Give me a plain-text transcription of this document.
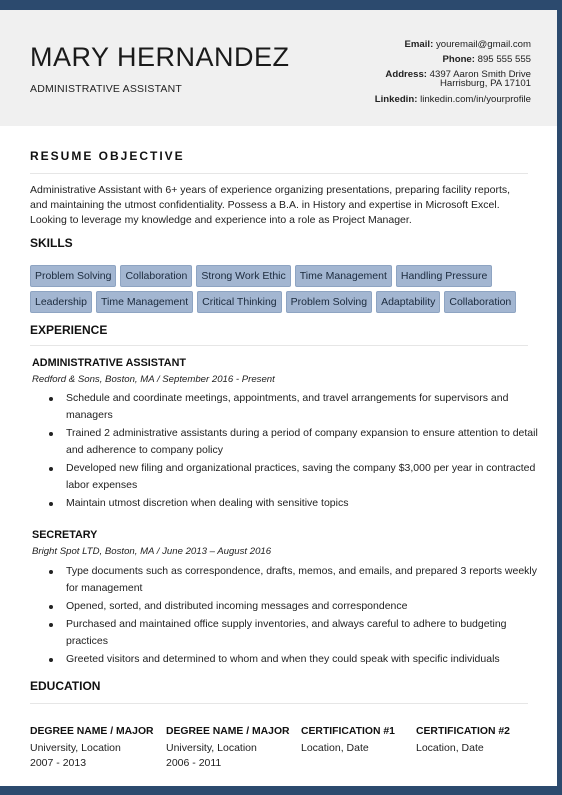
MARY HERNANDEZ
ADMINISTRATIVE ASSISTANT
Email: youremail@gmail.com
Phone: 895 555 555
Address: 4397 Aaron Smith Drive
Harrisburg, PA 17101
Linkedin: linkedin.com/in/yourprofile
RESUME OBJECTIVE
Administrative Assistant with 6+ years of experience organizing presentations, preparing facility reports, and maintaining the utmost confidentiality. Possess a B.A. in History and expertise in Microsoft Excel. Looking to leverage my knowledge and experience into a role as Project Manager.
SKILLS
Problem Solving	Collaboration	Strong Work Ethic	Time Management	Handling Pressure
Leadership	Time Management	Critical Thinking	Problem Solving	Adaptability	Collaboration
EXPERIENCE
ADMINISTRATIVE ASSISTANT
Redford & Sons, Boston, MA / September 2016 - Present
Schedule and coordinate meetings, appointments, and travel arrangements for supervisors and managers
Trained 2 administrative assistants during a period of company expansion to ensure attention to detail and adherence to company policy
Developed new filing and organizational practices, saving the company $3,000 per year in contracted labor expenses
Maintain utmost discretion when dealing with sensitive topics
SECRETARY
Bright Spot LTD, Boston, MA / June 2013 – August 2016
Type documents such as correspondence, drafts, memos, and emails, and prepared 3 reports weekly for management
Opened, sorted, and distributed incoming messages and correspondence
Purchased and maintained office supply inventories, and always careful to adhere to budgeting practices
Greeted visitors and determined to whom and when they could speak with specific individuals
EDUCATION
DEGREE NAME / MAJOR
University, Location
2007 - 2013
DEGREE NAME / MAJOR
University, Location
2006 - 2011
CERTIFICATION #1
Location, Date
CERTIFICATION #2
Location, Date
